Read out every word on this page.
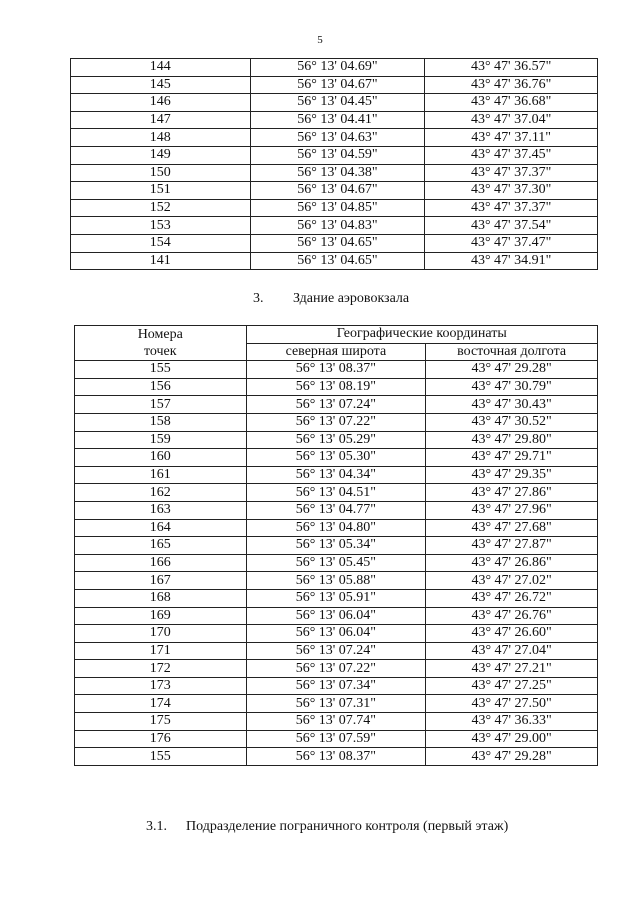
5
144	56° 13' 04.69"	43° 47' 36.57"
145	56° 13' 04.67"	43° 47' 36.76"
146	56° 13' 04.45"	43° 47' 36.68"
147	56° 13' 04.41"	43° 47' 37.04"
148	56° 13' 04.63"	43° 47' 37.11"
149	56° 13' 04.59"	43° 47' 37.45"
150	56° 13' 04.38"	43° 47' 37.37"
151	56° 13' 04.67"	43° 47' 37.30"
152	56° 13' 04.85"	43° 47' 37.37"
153	56° 13' 04.83"	43° 47' 37.54"
154	56° 13' 04.65"	43° 47' 37.47"
141	56° 13' 04.65"	43° 47' 34.91"
3. Здание аэровокзала
Номера	Географические координаты	
точек	северная широта	восточная долгота
155	56° 13' 08.37"	43° 47' 29.28"
156	56° 13' 08.19"	43° 47' 30.79"
157	56° 13' 07.24"	43° 47' 30.43"
158	56° 13' 07.22"	43° 47' 30.52"
159	56° 13' 05.29"	43° 47' 29.80"
160	56° 13' 05.30"	43° 47' 29.71"
161	56° 13' 04.34"	43° 47' 29.35"
162	56° 13' 04.51"	43° 47' 27.86"
163	56° 13' 04.77"	43° 47' 27.96"
164	56° 13' 04.80"	43° 47' 27.68"
165	56° 13' 05.34"	43° 47' 27.87"
166	56° 13' 05.45"	43° 47' 26.86"
167	56° 13' 05.88"	43° 47' 27.02"
168	56° 13' 05.91"	43° 47' 26.72"
169	56° 13' 06.04"	43° 47' 26.76"
170	56° 13' 06.04"	43° 47' 26.60"
171	56° 13' 07.24"	43° 47' 27.04"
172	56° 13' 07.22"	43° 47' 27.21"
173	56° 13' 07.34"	43° 47' 27.25"
174	56° 13' 07.31"	43° 47' 27.50"
175	56° 13' 07.74"	43° 47' 36.33"
176	56° 13' 07.59"	43° 47' 29.00"
155	56° 13' 08.37"	43° 47' 29.28"
3.1. Подразделение пограничного контроля (первый этаж)
